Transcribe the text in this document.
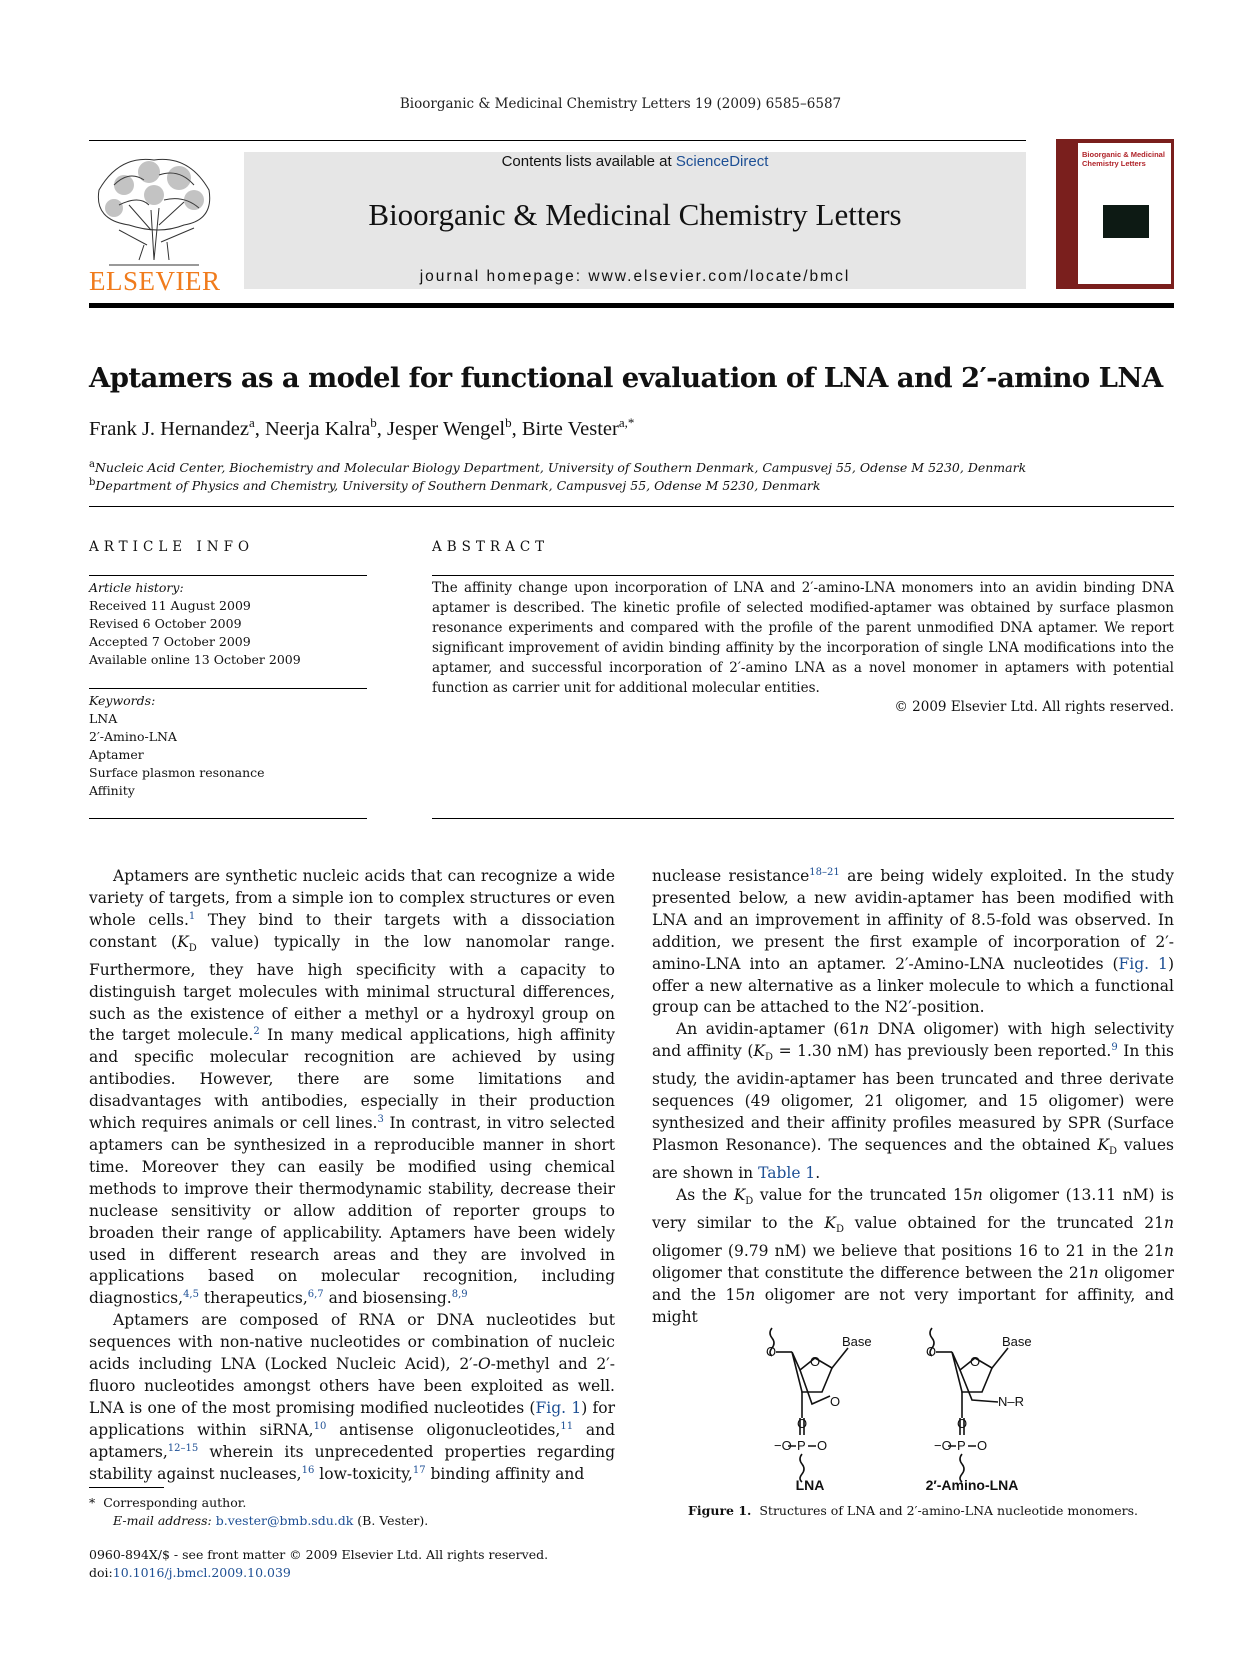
Bioorganic & Medicinal Chemistry Letters 19 (2009) 6585–6587
ELSEVIER
Contents lists available at ScienceDirect
Bioorganic & Medicinal Chemistry Letters
journal homepage: www.elsevier.com/locate/bmcl
Bioorganic & Medicinal Chemistry Letters
Aptamers as a model for functional evaluation of LNA and 2′-amino LNA
Frank J. Hernandez$^a$, Neerja Kalra$^b$, Jesper Wengel$^b$, Birte Vester$^{a,*}$
$^a$Nucleic Acid Center, Biochemistry and Molecular Biology Department, University of Southern Denmark, Campusvej 55, Odense M 5230, Denmark
$^b$Department of Physics and Chemistry, University of Southern Denmark, Campusvej 55, Odense M 5230, Denmark
ARTICLE INFO
Article history:
Received 11 August 2009
Revised 6 October 2009
Accepted 7 October 2009
Available online 13 October 2009
Keywords:
LNA
2′-Amino-LNA
Aptamer
Surface plasmon resonance
Affinity
ABSTRACT
The affinity change upon incorporation of LNA and 2′-amino-LNA monomers into an avidin binding DNA aptamer is described. The kinetic profile of selected modified-aptamer was obtained by surface plasmon resonance experiments and compared with the profile of the parent unmodified DNA aptamer. We report significant improvement of avidin binding affinity by the incorporation of single LNA modifications into the aptamer, and successful incorporation of 2′-amino LNA as a novel monomer in aptamers with potential function as carrier unit for additional molecular entities.
© 2009 Elsevier Ltd. All rights reserved.

Aptamers are synthetic nucleic acids that can recognize a wide variety of targets, from a simple ion to complex structures or even whole cells.$^1$ They bind to their targets with a dissociation constant ($K_D$ value) typically in the low nanomolar range. Furthermore, they have high specificity with a capacity to distinguish target molecules with minimal structural differences, such as the existence of either a methyl or a hydroxyl group on the target molecule.$^2$ In many medical applications, high affinity and specific molecular recognition are achieved by using antibodies. However, there are some limitations and disadvantages with antibodies, especially in their production which requires animals or cell lines.$^3$ In contrast, in vitro selected aptamers can be synthesized in a reproducible manner in short time. Moreover they can easily be modified using chemical methods to improve their thermodynamic stability, decrease their nuclease sensitivity or allow addition of reporter groups to broaden their range of applicability. Aptamers have been widely used in different research areas and they are involved in applications based on molecular recognition, including diagnostics,$^{4,5}$ therapeutics,$^{6,7}$ and biosensing.$^{8,9}$

Aptamers are composed of RNA or DNA nucleotides but sequences with non-native nucleotides or combination of nucleic acids including LNA (Locked Nucleic Acid), 2′-O-methyl and 2′-fluoro nucleotides amongst others have been exploited as well. LNA is one of the most promising modified nucleotides (Fig. 1) for applications within siRNA,$^{10}$ antisense oligonucleotides,$^{11}$ and aptamers,$^{12-15}$ wherein its unprecedented properties regarding stability against nucleases,$^{16}$ low-toxicity,$^{17}$ binding affinity and

nuclease resistance$^{18-21}$ are being widely exploited. In the study presented below, a new avidin-aptamer has been modified with LNA and an improvement in affinity of 8.5-fold was observed. In addition, we present the first example of incorporation of 2′-amino-LNA into an aptamer. 2′-Amino-LNA nucleotides (Fig. 1) offer a new alternative as a linker molecule to which a functional group can be attached to the N2′-position.

An avidin-aptamer (61n DNA oligomer) with high selectivity and affinity ($K_D = 1.30$ nM) has previously been reported.$^9$ In this study, the avidin-aptamer has been truncated and three derivate sequences (49 oligomer, 21 oligomer, and 15 oligomer) were synthesized and their affinity profiles measured by SPR (Surface Plasmon Resonance). The sequences and the obtained $K_D$ values are shown in Table 1.

As the $K_D$ value for the truncated 15n oligomer (13.11 nM) is very similar to the $K_D$ value obtained for the truncated 21n oligomer (9.79 nM) we believe that positions 16 to 21 in the 21n oligomer that constitute the difference between the 21n oligomer and the 15n oligomer are not very important for affinity, and might

O
Base
O
O
O
−O P O
O
Base
O
N–R
O
−O P O
LNA	2′-Amino-LNA
Figure 1. Structures of LNA and 2′-amino-LNA nucleotide monomers.
* Corresponding author.
E-mail address: b.vester@bmb.sdu.dk (B. Vester).
0960-894X/$ - see front matter © 2009 Elsevier Ltd. All rights reserved.
doi:10.1016/j.bmcl.2009.10.039
